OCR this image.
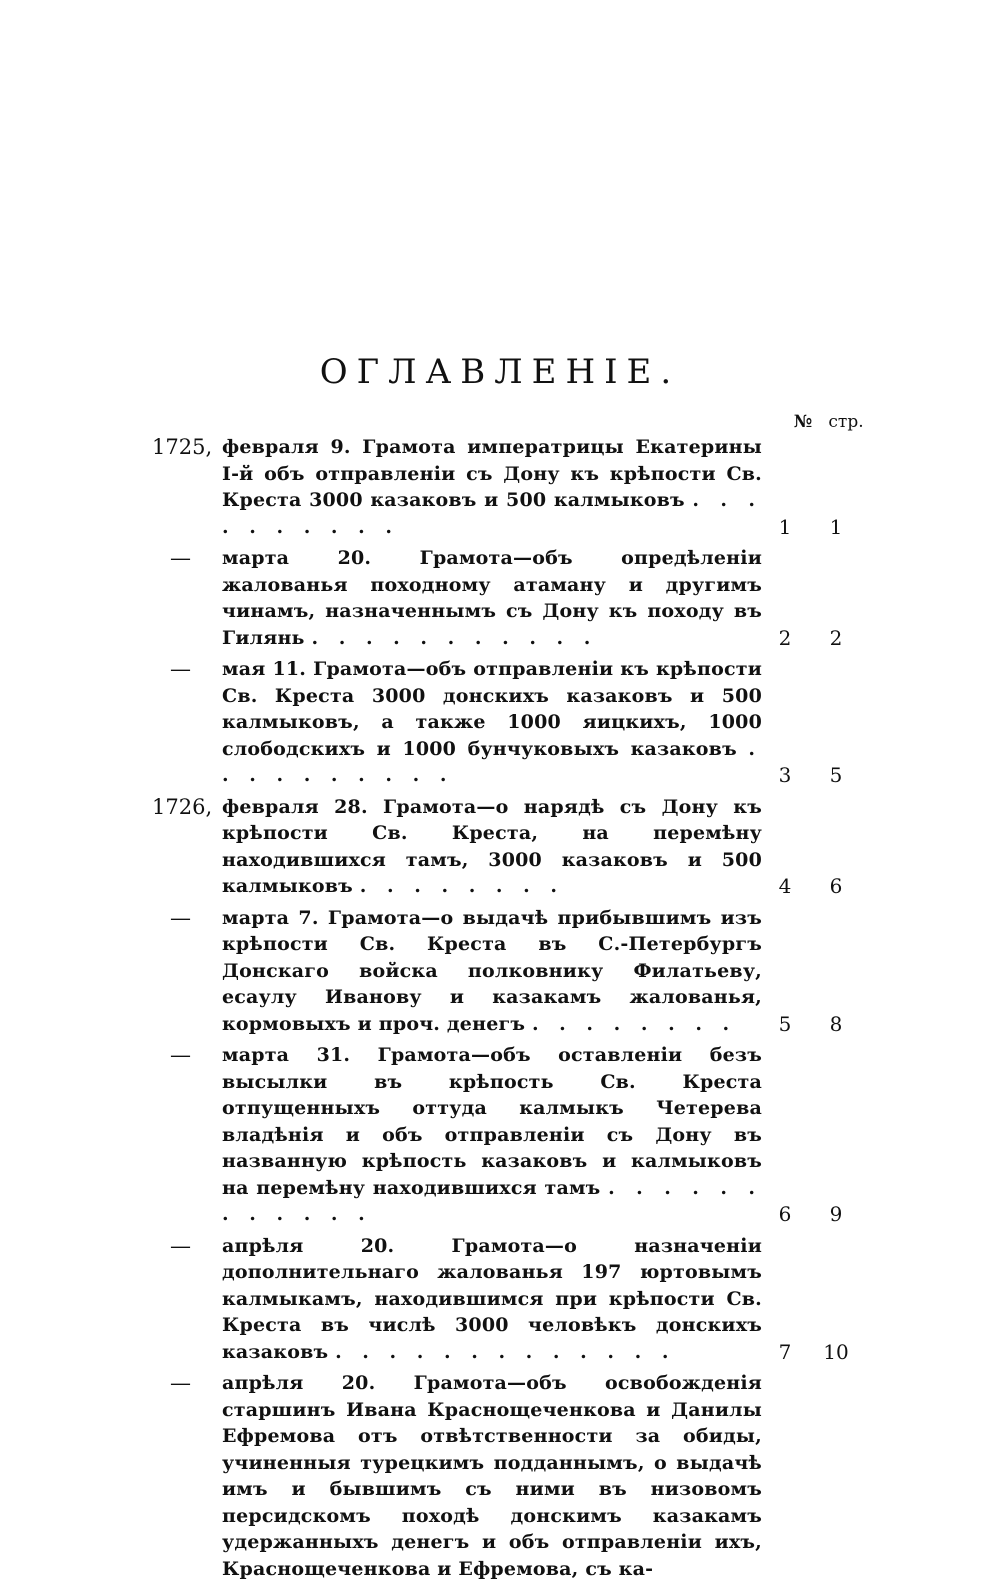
ОГЛАВЛЕНІЕ.
№ стр.
1725, февраля 9. Грамота императрицы Екатерины I-й объ отправленіи съ Дону къ крѣпости Св. Креста 3000 казаковъ и 500 калмыковъ . . . . . . . . . .	1	1
—	марта 20. Грамота—объ опредѣленіи жалованья походному атаману и другимъ чинамъ, назначеннымъ съ Дону къ походу въ Гилянь . . . . . . . . . . .	2	2
—	мая 11. Грамота—объ отправленіи къ крѣпости Св. Креста 3000 донскихъ казаковъ и 500 калмыковъ, а также 1000 яицкихъ, 1000 слободскихъ и 1000 бунчуковыхъ казаковъ . . . . . . . . . .	3	5
1726, февраля 28. Грамота—о нарядѣ съ Дону къ крѣпости Св. Креста, на перемѣну находившихся тамъ, 3000 казаковъ и 500 калмыковъ . . . . . . . .	4	6
—	марта 7. Грамота—о выдачѣ прибывшимъ изъ крѣпости Св. Креста въ С.-Петербургъ Донскаго войска полковнику Филатьеву, есаулу Иванову и казакамъ жалованья, кормовыхъ и проч. денегъ . . . . . . . .	5	8
—	марта 31. Грамота—объ оставленіи безъ высылки въ крѣпость Св. Креста отпущенныхъ оттуда калмыкъ Четерева владѣнія и объ отправленіи съ Дону въ названную крѣпость казаковъ и калмыковъ на перемѣну находившихся тамъ . . . . . . . . . . . .	6	9
—	апрѣля 20. Грамота—о назначеніи дополнительнаго жалованья 197 юртовымъ калмыкамъ, находившимся при крѣпости Св. Креста въ числѣ 3000 человѣкъ донскихъ казаковъ . . . . . . . . . . . . .	7	10
—	апрѣля 20. Грамота—объ освобожденія старшинъ Ивана Краснощеченкова и Данилы Ефремова отъ отвѣтственности за обиды, учиненныя турецкимъ подданнымъ, о выдачѣ имъ и бывшимъ съ ними въ низовомъ персидскомъ походѣ донскимъ казакамъ удержанныхъ денегъ и объ отправленіи ихъ, Краснощеченкова и Ефремова, съ ка-
